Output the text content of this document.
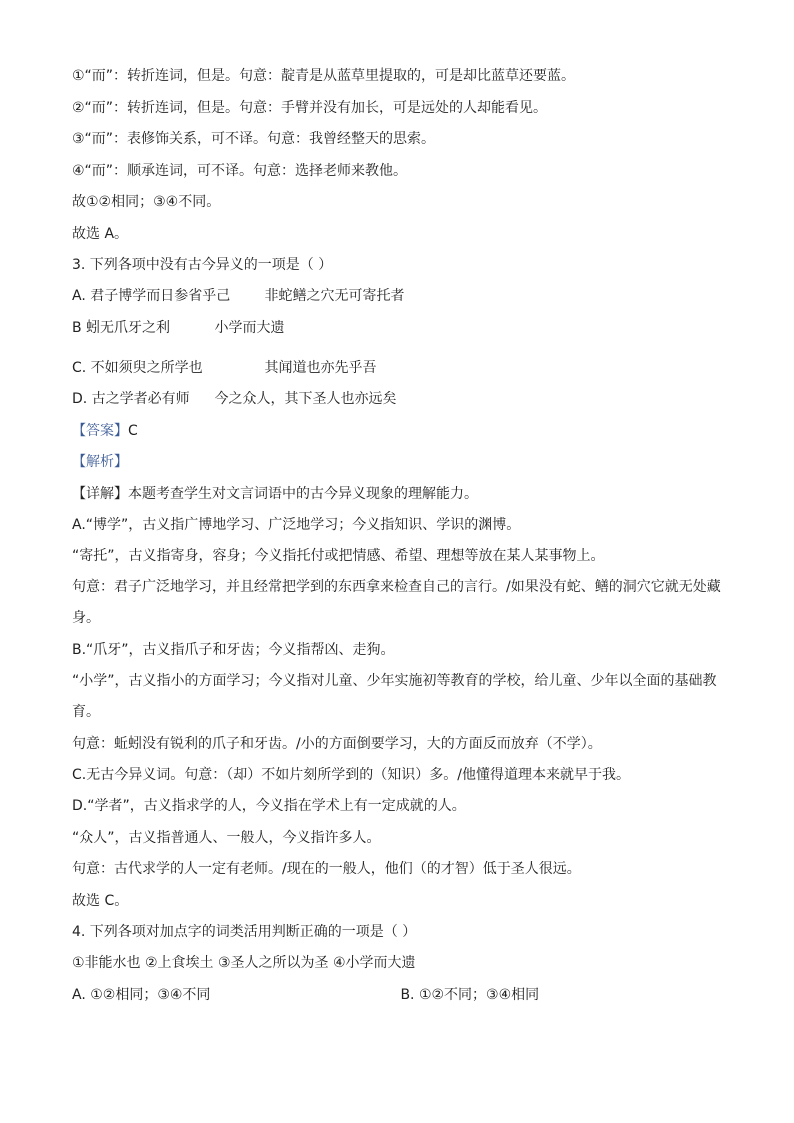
①“而”：转折连词，但是。句意：靛青是从蓝草里提取的，可是却比蓝草还要蓝。
②“而”：转折连词，但是。句意：手臂并没有加长，可是远处的人却能看见。
③“而”：表修饰关系，可不译。句意：我曾经整天的思索。
④“而”：顺承连词，可不译。句意：选择老师来教他。
故①②相同；③④不同。
故选 A。
3. 下列各项中没有古今异义的一项是（ ）
A. 君子博学而日参省乎己 非蛇鳝之穴无可寄托者
B 蚓无爪牙之利	小学而大遗
C. 不如须臾之所学也	其闻道也亦先乎吾
D. 古之学者必有师 今之众人，其下圣人也亦远矣
【答案】C
【解析】
【详解】本题考查学生对文言词语中的古今异义现象的理解能力。
A.“博学”，古义指广博地学习、广泛地学习；今义指知识、学识的渊博。
“寄托”，古义指寄身，容身；今义指托付或把情感、希望、理想等放在某人某事物上。
句意：君子广泛地学习，并且经常把学到的东西拿来检查自己的言行。/如果没有蛇、鳝的洞穴它就无处藏身。
B.“爪牙”，古义指爪子和牙齿；今义指帮凶、走狗。
“小学”，古义指小的方面学习；今义指对儿童、少年实施初等教育的学校，给儿童、少年以全面的基础教育。
句意：蚯蚓没有锐利的爪子和牙齿。/小的方面倒要学习，大的方面反而放弃（不学）。
C.无古今异义词。句意：（却）不如片刻所学到的（知识）多。/他懂得道理本来就早于我。
D.“学者”，古义指求学的人，今义指在学术上有一定成就的人。
“众人”，古义指普通人、一般人，今义指许多人。
句意：古代求学的人一定有老师。/现在的一般人，他们（的才智）低于圣人很远。
故选 C。
4. 下列各项对加点字的词类活用判断正确的一项是（ ）
①非能水也 ②上食埃土 ③圣人之所以为圣 ④小学而大遗
A. ①②相同；③④不同	B. ①②不同；③④相同
